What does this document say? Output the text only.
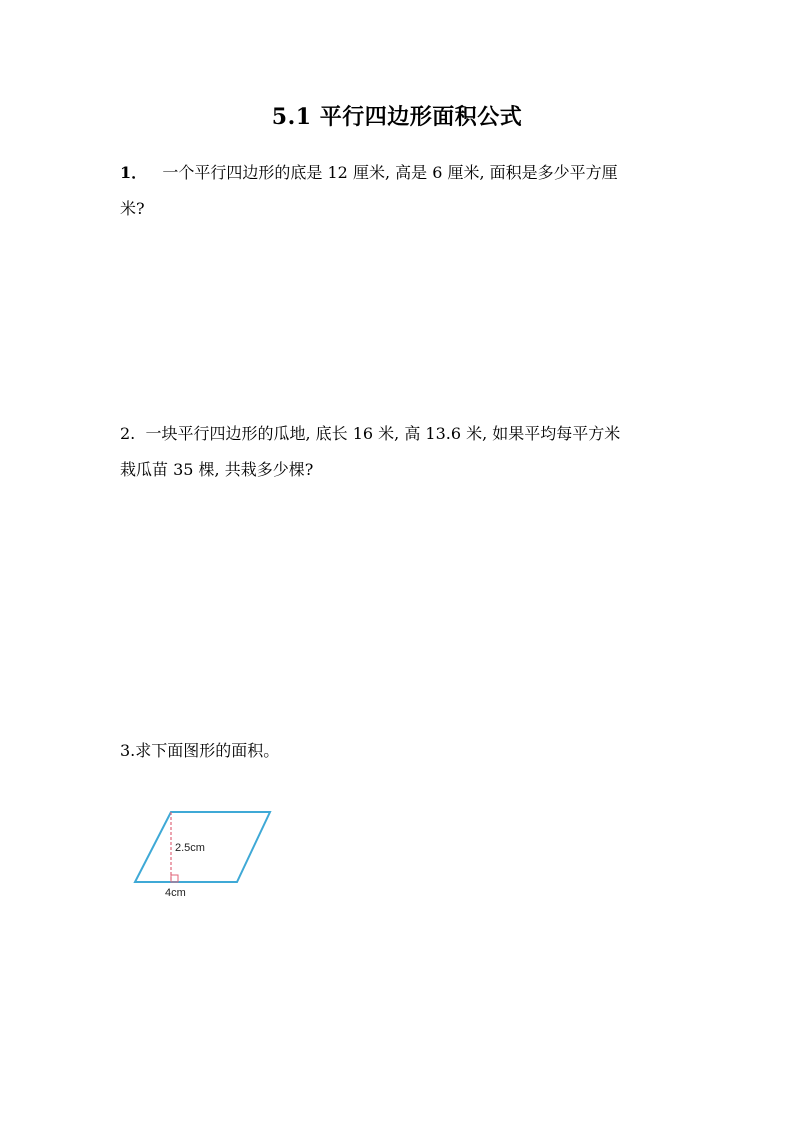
5.1 平行四边形面积公式
1． 一个平行四边形的底是 12 厘米, 高是 6 厘米, 面积是多少平方厘
米?
2. 一块平行四边形的瓜地, 底长 16 米, 高 13.6 米, 如果平均每平方米
栽瓜苗 35 棵, 共栽多少棵?
3.求下面图形的面积。
2.5cm
4cm
